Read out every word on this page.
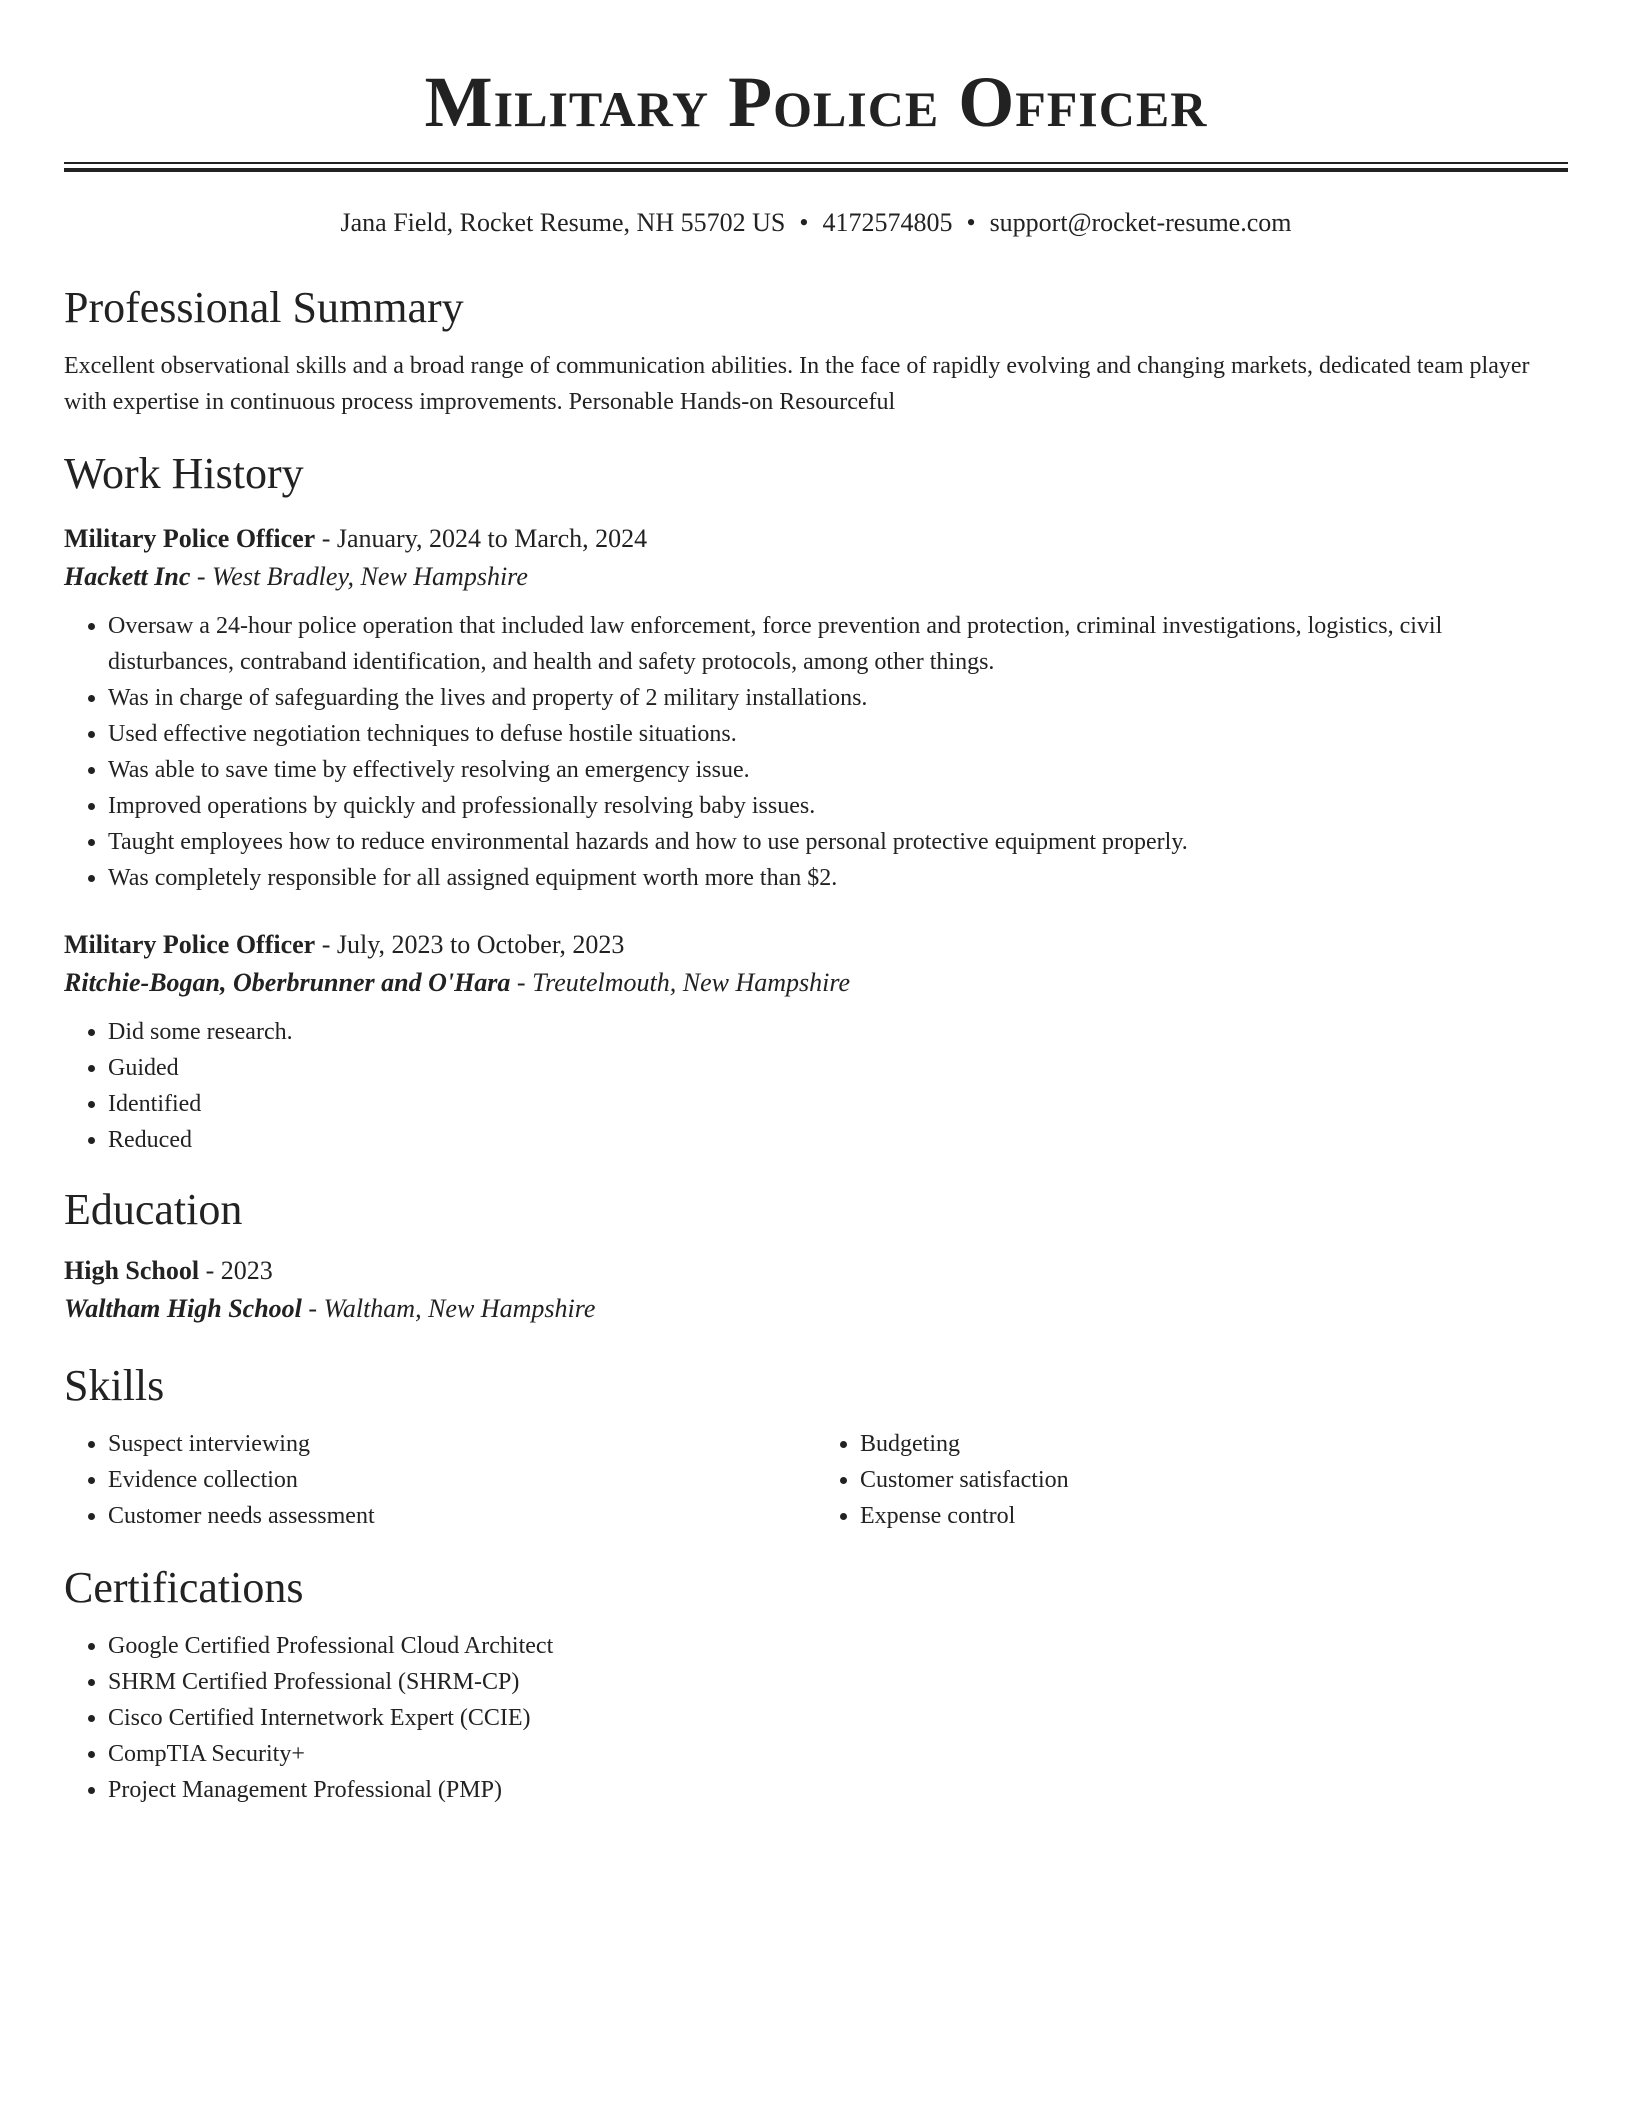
Military Police Officer
Jana Field, Rocket Resume, NH 55702 US • 4172574805 • support@rocket-resume.com
Professional Summary

Excellent observational skills and a broad range of communication abilities. In the face of rapidly evolving and changing markets, dedicated team player with expertise in continuous process improvements. Personable Hands-on Resourceful

Work History
Military Police Officer - January, 2024 to March, 2024
Hackett Inc - West Bradley, New Hampshire
• Oversaw a 24-hour police operation that included law enforcement, force prevention and protection, criminal investigations, logistics, civil disturbances, contraband identification, and health and safety protocols, among other things.
• Was in charge of safeguarding the lives and property of 2 military installations.
• Used effective negotiation techniques to defuse hostile situations.
• Was able to save time by effectively resolving an emergency issue.
• Improved operations by quickly and professionally resolving baby issues.
• Taught employees how to reduce environmental hazards and how to use personal protective equipment properly.
• Was completely responsible for all assigned equipment worth more than $2.
Military Police Officer - July, 2023 to October, 2023
Ritchie-Bogan, Oberbrunner and O'Hara - Treutelmouth, New Hampshire
• Did some research.
• Guided
• Identified
• Reduced
Education
High School - 2023
Waltham High School - Waltham, New Hampshire
Skills
• Suspect interviewing
• Evidence collection
• Customer needs assessment
• Budgeting
• Customer satisfaction
• Expense control
Certifications
• Google Certified Professional Cloud Architect
• SHRM Certified Professional (SHRM-CP)
• Cisco Certified Internetwork Expert (CCIE)
• CompTIA Security+
• Project Management Professional (PMP)
